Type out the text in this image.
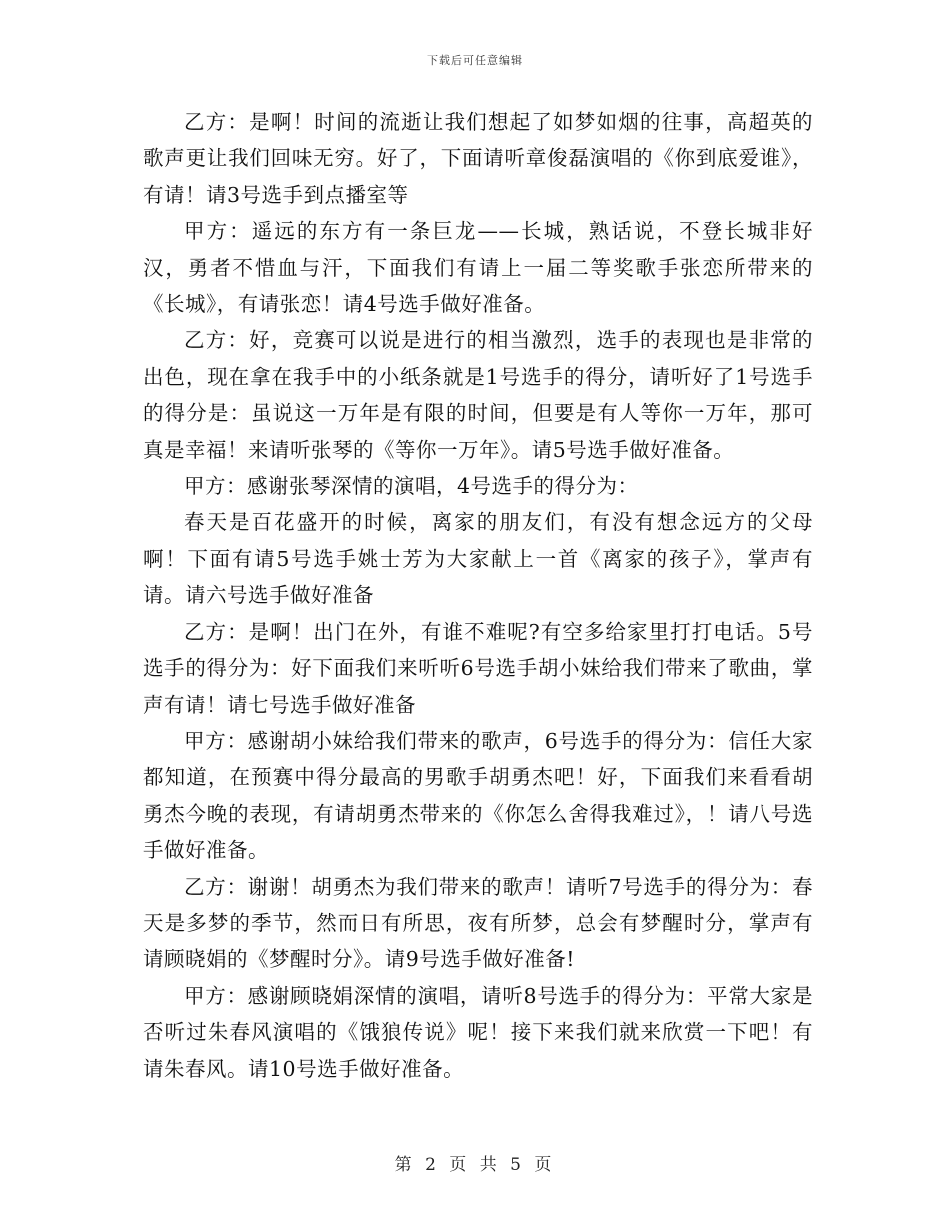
下载后可任意编辑

乙方：是啊！时间的流逝让我们想起了如梦如烟的往事，高超英的歌声更让我们回味无穷。好了，下面请听章俊磊演唱的《你到底爱谁》，有请！请3号选手到点播室等

甲方：遥远的东方有一条巨龙——长城，熟话说，不登长城非好汉，勇者不惜血与汗，下面我们有请上一届二等奖歌手张恋所带来的《长城》，有请张恋！请4号选手做好准备。

乙方：好，竞赛可以说是进行的相当激烈，选手的表现也是非常的出色，现在拿在我手中的小纸条就是1号选手的得分，请听好了1号选手的得分是：虽说这一万年是有限的时间，但要是有人等你一万年，那可真是幸福！来请听张琴的《等你一万年》。请5号选手做好准备。

甲方：感谢张琴深情的演唱，4号选手的得分为：

春天是百花盛开的时候，离家的朋友们，有没有想念远方的父母啊！下面有请5号选手姚士芳为大家献上一首《离家的孩子》，掌声有请。请六号选手做好准备

乙方：是啊！出门在外，有谁不难呢?有空多给家里打打电话。5号选手的得分为：好下面我们来听听6号选手胡小妹给我们带来了歌曲，掌声有请！请七号选手做好准备

甲方：感谢胡小妹给我们带来的歌声，6号选手的得分为：信任大家都知道，在预赛中得分最高的男歌手胡勇杰吧！好，下面我们来看看胡勇杰今晚的表现，有请胡勇杰带来的《你怎么舍得我难过》，！请八号选手做好准备。

乙方：谢谢！胡勇杰为我们带来的歌声！请听7号选手的得分为：春天是多梦的季节，然而日有所思，夜有所梦，总会有梦醒时分，掌声有请顾晓娟的《梦醒时分》。请9号选手做好准备!

甲方：感谢顾晓娟深情的演唱，请听8号选手的得分为：平常大家是否听过朱春风演唱的《饿狼传说》呢！接下来我们就来欣赏一下吧！有请朱春风。请10号选手做好准备。

第 2 页 共 5 页
